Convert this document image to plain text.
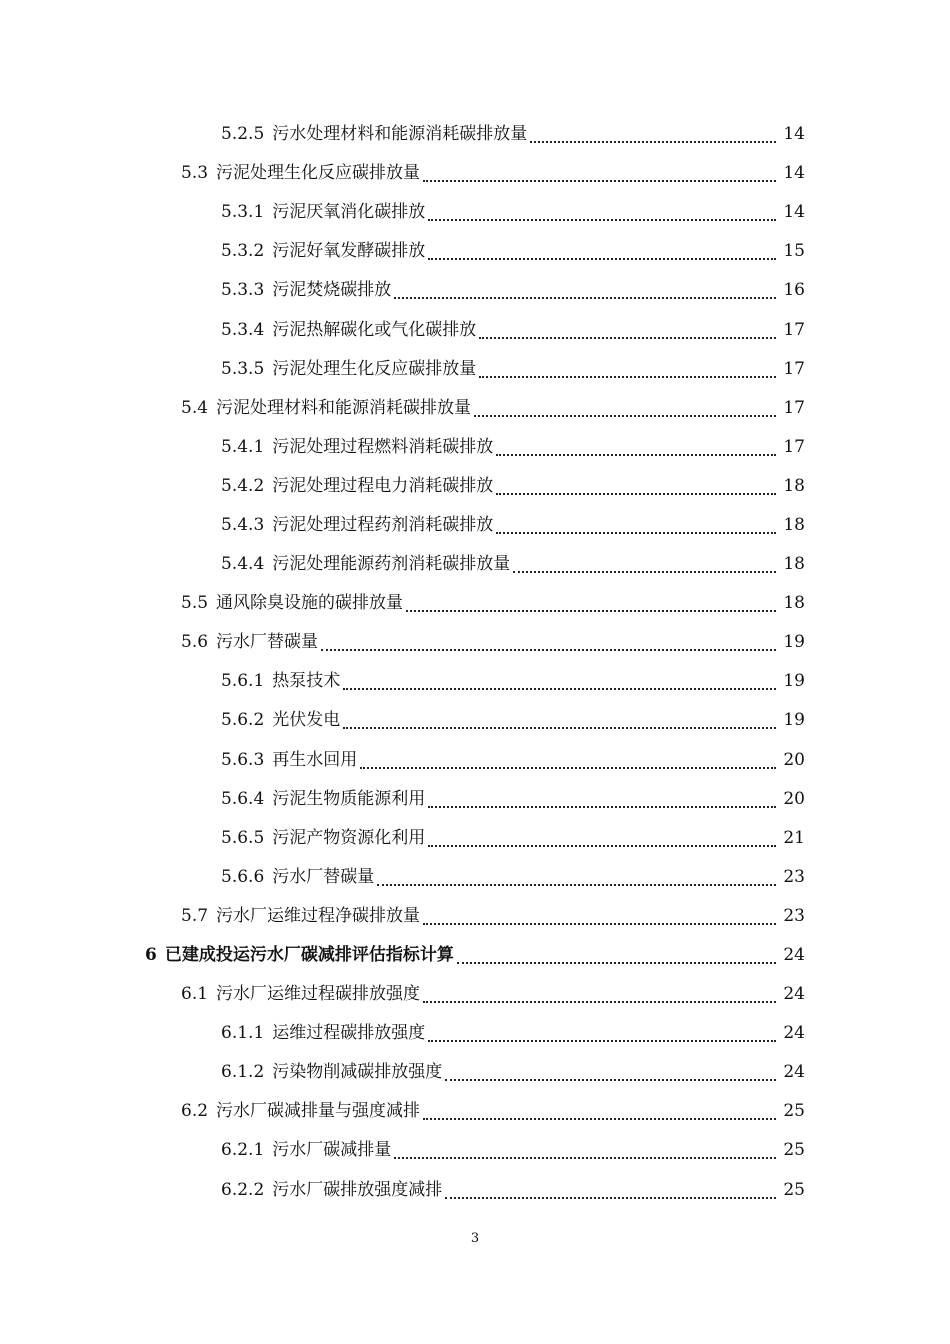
5.2.5 污水处理材料和能源消耗碳排放量	14
5.3 污泥处理生化反应碳排放量	14
5.3.1 污泥厌氧消化碳排放	14
5.3.2 污泥好氧发酵碳排放	15
5.3.3 污泥焚烧碳排放	16
5.3.4 污泥热解碳化或气化碳排放	17
5.3.5 污泥处理生化反应碳排放量	17
5.4 污泥处理材料和能源消耗碳排放量	17
5.4.1 污泥处理过程燃料消耗碳排放	17
5.4.2 污泥处理过程电力消耗碳排放	18
5.4.3 污泥处理过程药剂消耗碳排放	18
5.4.4 污泥处理能源药剂消耗碳排放量	18
5.5 通风除臭设施的碳排放量	18
5.6 污水厂替碳量	19
5.6.1 热泵技术	19
5.6.2 光伏发电	19
5.6.3 再生水回用	20
5.6.4 污泥生物质能源利用	20
5.6.5 污泥产物资源化利用	21
5.6.6 污水厂替碳量	23
5.7 污水厂运维过程净碳排放量	23
6 已建成投运污水厂碳减排评估指标计算	24
6.1 污水厂运维过程碳排放强度	24
6.1.1 运维过程碳排放强度	24
6.1.2 污染物削减碳排放强度	24
6.2 污水厂碳减排量与强度减排	25
6.2.1 污水厂碳减排量	25
6.2.2 污水厂碳排放强度减排	25
3
